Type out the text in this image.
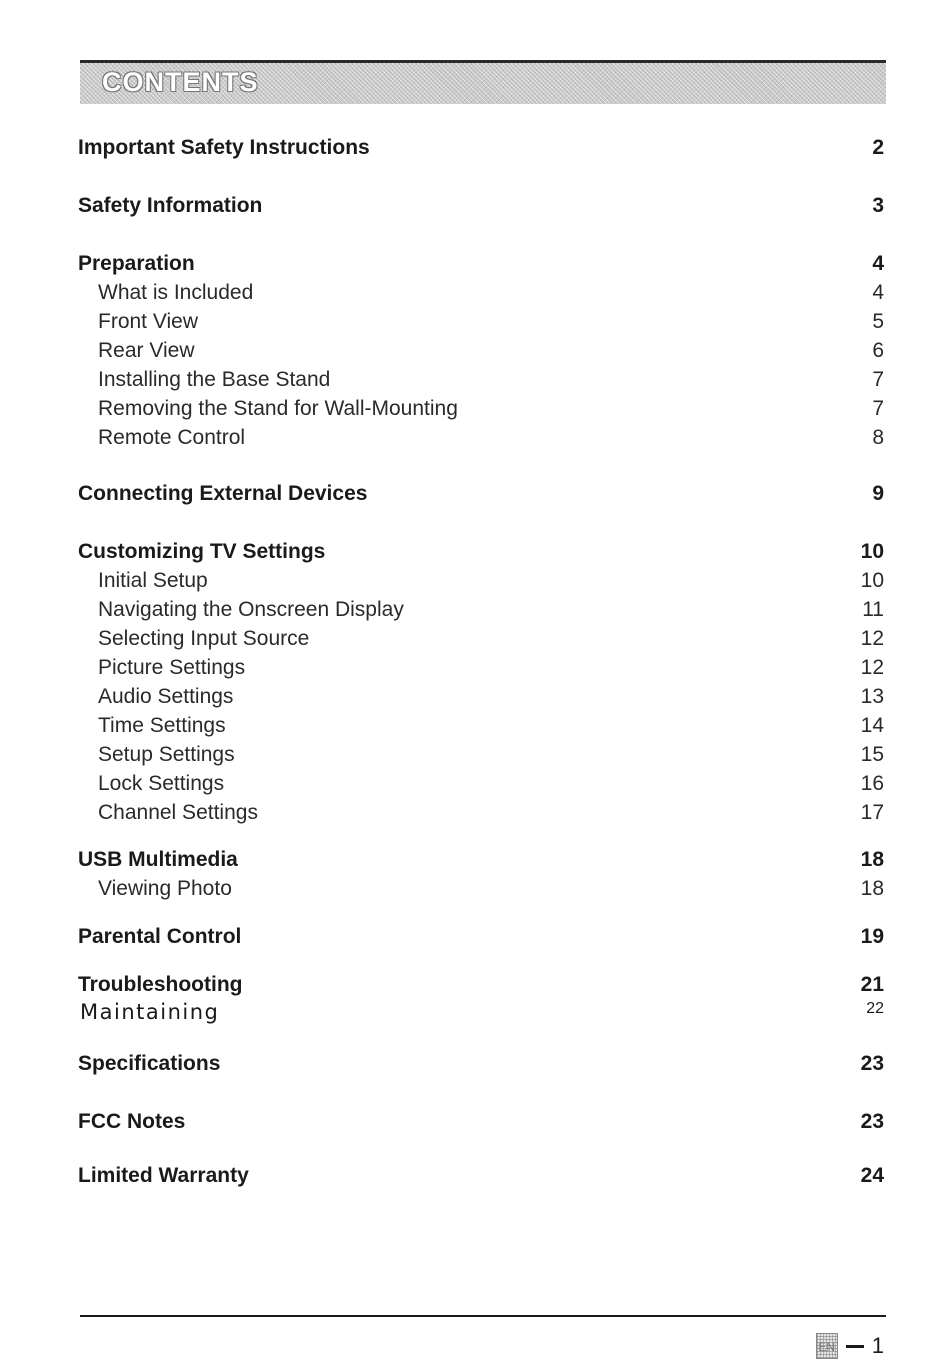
CONTENTS
Important Safety Instructions	2
Safety Information	3
Preparation	4
What is Included	4
Front View	5
Rear View	6
Installing the Base Stand	7
Removing the Stand for Wall-Mounting	7
Remote Control	8
Connecting External Devices	9
Customizing TV Settings	10
Initial Setup	10
Navigating the Onscreen Display	11
Selecting Input Source	12
Picture Settings	12
Audio Settings	13
Time Settings	14
Setup Settings	15
Lock Settings	16
Channel Settings	17
USB Multimedia	18
Viewing Photo	18
Parental Control	19
Troubleshooting	21
Maintaining	22
Specifications	23
FCC Notes	23
Limited Warranty	24
EN 1
